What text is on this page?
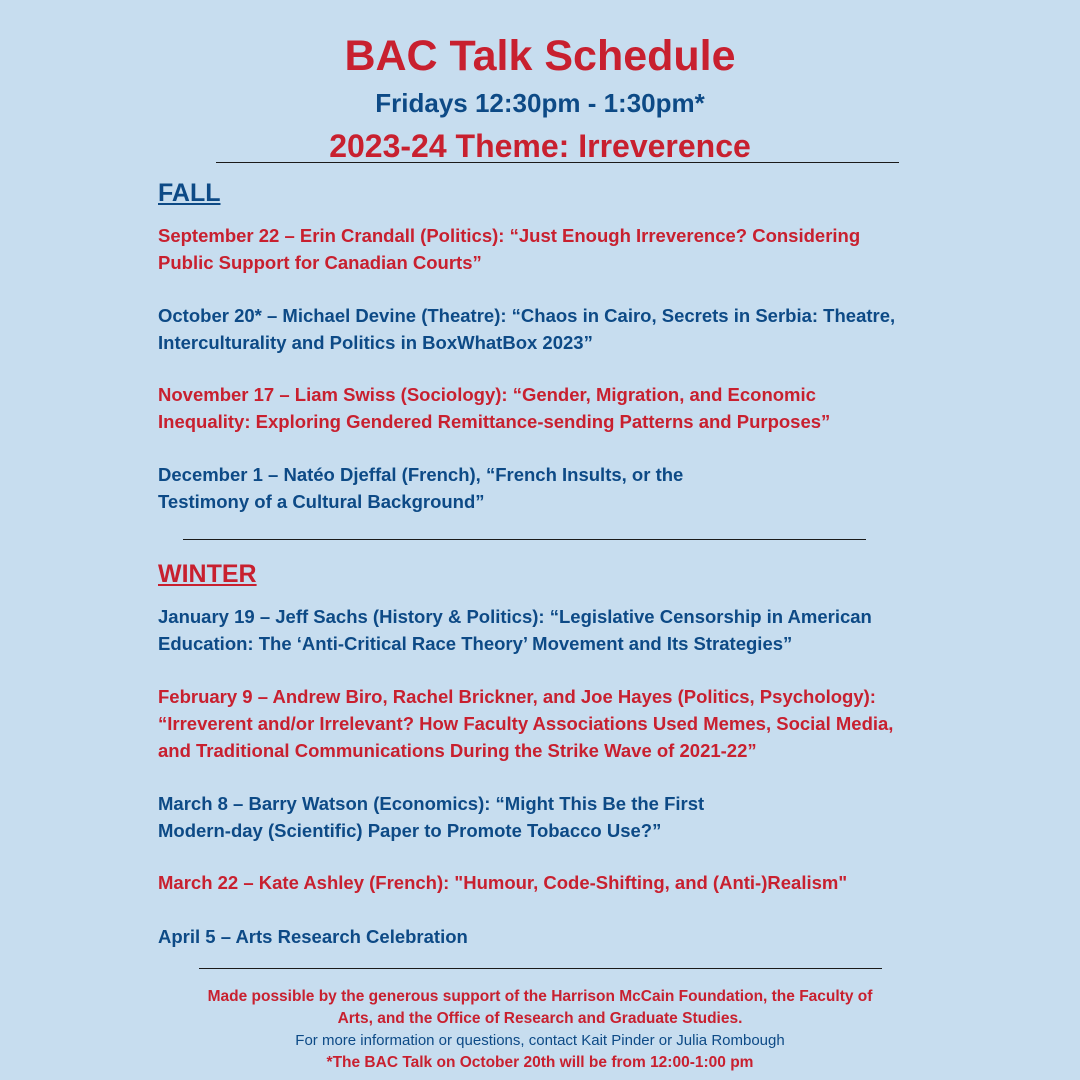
BAC Talk Schedule
Fridays 12:30pm - 1:30pm*
2023-24 Theme: Irreverence
FALL

September 22 – Erin Crandall (Politics): “Just Enough Irreverence? Considering
Public Support for Canadian Courts”

October 20* – Michael Devine (Theatre): “Chaos in Cairo, Secrets in Serbia: Theatre,
Interculturality and Politics in BoxWhatBox 2023”

November 17 – Liam Swiss (Sociology): “Gender, Migration, and Economic
Inequality: Exploring Gendered Remittance-sending Patterns and Purposes”

December 1 – Natéo Djeffal (French), “French Insults, or the
Testimony of a Cultural Background”

WINTER

January 19 – Jeff Sachs (History & Politics): “Legislative Censorship in American
Education: The ‘Anti-Critical Race Theory’ Movement and Its Strategies”

February 9 – Andrew Biro, Rachel Brickner, and Joe Hayes (Politics, Psychology):
“Irreverent and/or Irrelevant? How Faculty Associations Used Memes, Social Media,
and Traditional Communications During the Strike Wave of 2021-22”

March 8 – Barry Watson (Economics): “Might This Be the First
Modern-day (Scientific) Paper to Promote Tobacco Use?”

March 22 – Kate Ashley (French): "Humour, Code-Shifting, and (Anti-)Realism"

April 5 – Arts Research Celebration

Made possible by the generous support of the Harrison McCain Foundation, the Faculty of
Arts, and the Office of Research and Graduate Studies.
For more information or questions, contact Kait Pinder or Julia Rombough
*The BAC Talk on October 20th will be from 12:00-1:00 pm
